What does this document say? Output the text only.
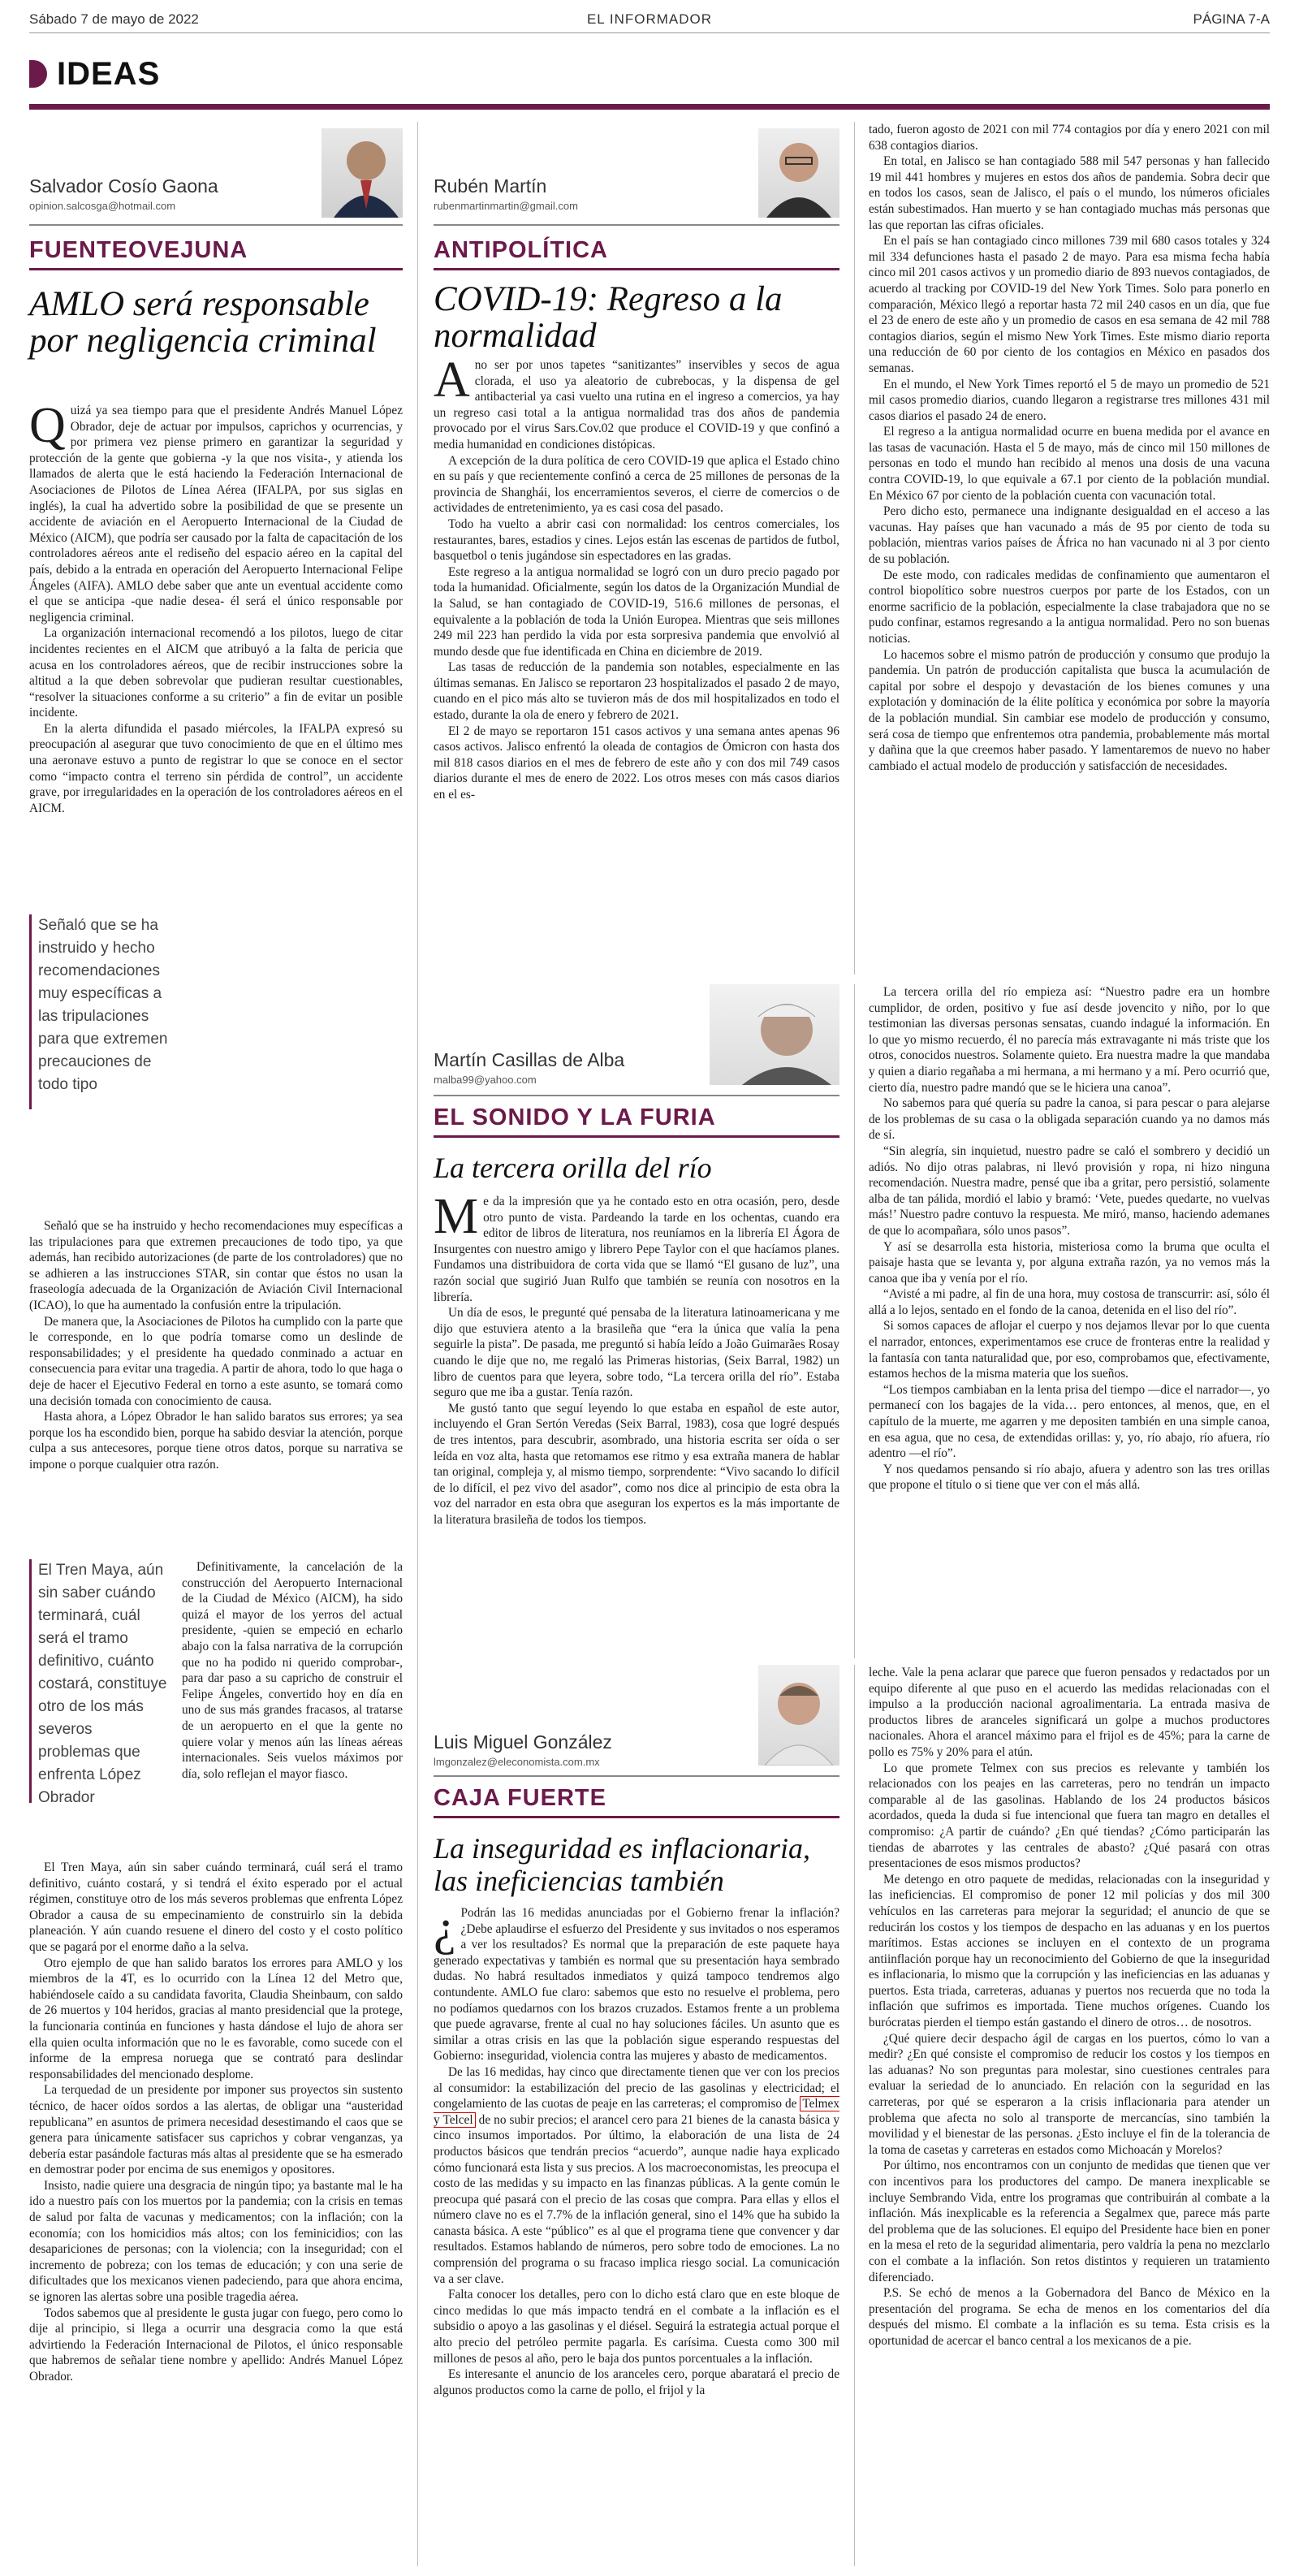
Sábado 7 de mayo de 2022	EL INFORMADOR	PÁGINA 7-A
IDEAS
Salvador Cosío Gaona
opinion.salcosga@hotmail.com
FUENTEOVEJUNA
AMLO será responsable por negligencia criminal
Q uizá ya sea tiempo para que el presidente Andrés Manuel López Obrador, deje de actuar por impulsos, caprichos y ocurrencias, y por primera vez piense primero en garantizar la seguridad y protección de la gente que gobierna -y la que nos visita-, y atienda los llamados de alerta que le está haciendo la Federación Internacional de Asociaciones de Pilotos de Línea Aérea (IFALPA, por sus siglas en inglés), la cual ha advertido sobre la posibilidad de que se presente un accidente de aviación en el Aeropuerto Internacional de la Ciudad de México (AICM), que podría ser causado por la falta de capacitación de los controladores aéreos ante el rediseño del espacio aéreo en la capital del país, debido a la entrada en operación del Aeropuerto Internacional Felipe Ángeles (AIFA). AMLO debe saber que ante un eventual accidente como el que se anticipa -que nadie desea- él será el único responsable por negligencia criminal.

La organización internacional recomendó a los pilotos, luego de citar incidentes recientes en el AICM que atribuyó a la falta de pericia que acusa en los controladores aéreos, que de recibir instrucciones sobre la altitud a la que deben sobrevolar que pudieran resultar cuestionables, “resolver la situaciones conforme a su criterio” a fin de evitar un posible incidente.

En la alerta difundida el pasado miércoles, la IFALPA expresó su preocupación al asegurar que tuvo conocimiento de que en el último mes una aeronave estuvo a punto de registrar lo que se conoce en el sector como “impacto contra el terreno sin pérdida de control”, un accidente grave, por irregularidades en la operación de los controladores aéreos en el AICM.

Señaló que se ha instruido y hecho recomendaciones muy específicas a las tripulaciones para que extremen precauciones de todo tipo

Señaló que se ha instruido y hecho recomendaciones muy específicas a las tripulaciones para que extremen precauciones de todo tipo, ya que además, han recibido autorizaciones (de parte de los controladores) que no se adhieren a las instrucciones STAR, sin contar que éstos no usan la fraseología adecuada de la Organización de Aviación Civil Internacional (ICAO), lo que ha aumentado la confusión entre la tripulación.

De manera que, la Asociaciones de Pilotos ha cumplido con la parte que le corresponde, en lo que podría tomarse como un deslinde de responsabilidades; y el presidente ha quedado conminado a actuar en consecuencia para evitar una tragedia. A partir de ahora, todo lo que haga o deje de hacer el Ejecutivo Federal en torno a este asunto, se tomará como una decisión tomada con conocimiento de causa.

Hasta ahora, a López Obrador le han salido baratos sus errores; ya sea porque los ha escondido bien, porque ha sabido desviar la atención, porque culpa a sus antecesores, porque tiene otros datos, porque su narrativa se impone o porque cualquier otra razón.

El Tren Maya, aún sin saber cuándo terminará, cuál será el tramo definitivo, cuánto costará, constituye otro de los más severos problemas que enfrenta López Obrador

Definitivamente, la cancelación de la construcción del Aeropuerto Internacional de la Ciudad de México (AICM), ha sido quizá el mayor de los yerros del actual presidente, -quien se empeció en echarlo abajo con la falsa narrativa de la corrupción que no ha podido ni querido comprobar-, para dar paso a su capricho de construir el Felipe Ángeles, convertido hoy en día en uno de sus más grandes fracasos, al tratarse de un aeropuerto en el que la gente no quiere volar y menos aún las líneas aéreas internacionales. Seis vuelos máximos por día, solo reflejan el mayor fiasco.

El Tren Maya, aún sin saber cuándo terminará, cuál será el tramo definitivo, cuánto costará, y si tendrá el éxito esperado por el actual régimen, constituye otro de los más severos problemas que enfrenta López Obrador a causa de su empecinamiento de construirlo sin la debida planeación. Y aún cuando resuene el dinero del costo y el costo político que se pagará por el enorme daño a la selva.

Otro ejemplo de que han salido baratos los errores para AMLO y los miembros de la 4T, es lo ocurrido con la Línea 12 del Metro que, habiéndosele caído a su candidata favorita, Claudia Sheinbaum, con saldo de 26 muertos y 104 heridos, gracias al manto presidencial que la protege, la funcionaria continúa en funciones y hasta dándose el lujo de ahora ser ella quien oculta información que no le es favorable, como sucede con el informe de la empresa noruega que se contrató para deslindar responsabilidades del mencionado desplome.

La terquedad de un presidente por imponer sus proyectos sin sustento técnico, de hacer oídos sordos a las alertas, de obligar una “austeridad republicana” en asuntos de primera necesidad desestimando el caos que se genera para únicamente satisfacer sus caprichos y cobrar venganzas, ya debería estar pasándole facturas más altas al presidente que se ha esmerado en demostrar poder por encima de sus enemigos y opositores.

Insisto, nadie quiere una desgracia de ningún tipo; ya bastante mal le ha ido a nuestro país con los muertos por la pandemia; con la crisis en temas de salud por falta de vacunas y medicamentos; con la inflación; con la economía; con los homicidios más altos; con los feminicidios; con las desapariciones de personas; con la violencia; con la inseguridad; con el incremento de pobreza; con los temas de educación; y con una serie de dificultades que los mexicanos vienen padeciendo, para que ahora encima, se ignoren las alertas sobre una posible tragedia aérea.

Todos sabemos que al presidente le gusta jugar con fuego, pero como lo dije al principio, si llega a ocurrir una desgracia como la que está advirtiendo la Federación Internacional de Pilotos, el único responsable que habremos de señalar tiene nombre y apellido: Andrés Manuel López Obrador.

Rubén Martín
rubenmartinmartin@gmail.com
ANTIPOLÍTICA
COVID-19: Regreso a la normalidad
A no ser por unos tapetes “sanitizantes” inservibles y secos de agua clorada, el uso ya aleatorio de cubrebocas, y la dispensa de gel antibacterial ya casi vuelto una rutina en el ingreso a comercios, ya hay un regreso casi total a la antigua normalidad tras dos años de pandemia provocado por el virus Sars.Cov.02 que produce el COVID-19 y que confinó a media humanidad en condiciones distópicas.

A excepción de la dura política de cero COVID-19 que aplica el Estado chino en su país y que recientemente confinó a cerca de 25 millones de personas de la provincia de Shanghái, los encerramientos severos, el cierre de comercios o de actividades de entretenimiento, ya es casi cosa del pasado.

Todo ha vuelto a abrir casi con normalidad: los centros comerciales, los restaurantes, bares, estadios y cines. Lejos están las escenas de partidos de futbol, basquetbol o tenis jugándose sin espectadores en las gradas.

Este regreso a la antigua normalidad se logró con un duro precio pagado por toda la humanidad. Oficialmente, según los datos de la Organización Mundial de la Salud, se han contagiado de COVID-19, 516.6 millones de personas, el equivalente a la población de toda la Unión Europea. Mientras que seis millones 249 mil 223 han perdido la vida por esta sorpresiva pandemia que envolvió al mundo desde que fue identificada en China en diciembre de 2019.

Las tasas de reducción de la pandemia son notables, especialmente en las últimas semanas. En Jalisco se reportaron 23 hospitalizados el pasado 2 de mayo, cuando en el pico más alto se tuvieron más de dos mil hospitalizados en todo el estado, durante la ola de enero y febrero de 2021.

El 2 de mayo se reportaron 151 casos activos y una semana antes apenas 96 casos activos. Jalisco enfrentó la oleada de contagios de Ómicron con hasta dos mil 818 casos diarios en el mes de febrero de este año y con dos mil 749 casos diarios durante el mes de enero de 2022. Los otros meses con más casos diarios en el es-

tado, fueron agosto de 2021 con mil 774 contagios por día y enero 2021 con mil 638 contagios diarios.

En total, en Jalisco se han contagiado 588 mil 547 personas y han fallecido 19 mil 441 hombres y mujeres en estos dos años de pandemia. Sobra decir que en todos los casos, sean de Jalisco, el país o el mundo, los números oficiales están subestimados. Han muerto y se han contagiado muchas más personas que las que reportan las cifras oficiales.

En el país se han contagiado cinco millones 739 mil 680 casos totales y 324 mil 334 defunciones hasta el pasado 2 de mayo. Para esa misma fecha había cinco mil 201 casos activos y un promedio diario de 893 nuevos contagiados, de acuerdo al tracking por COVID-19 del New York Times. Solo para ponerlo en comparación, México llegó a reportar hasta 72 mil 240 casos en un día, que fue el 23 de enero de este año y un promedio de casos en esa semana de 42 mil 788 contagios diarios, según el mismo New York Times. Este mismo diario reporta una reducción de 60 por ciento de los contagios en México en pasados dos semanas.

En el mundo, el New York Times reportó el 5 de mayo un promedio de 521 mil casos promedio diarios, cuando llegaron a registrarse tres millones 431 mil casos diarios el pasado 24 de enero.

El regreso a la antigua normalidad ocurre en buena medida por el avance en las tasas de vacunación. Hasta el 5 de mayo, más de cinco mil 150 millones de personas en todo el mundo han recibido al menos una dosis de una vacuna contra COVID-19, lo que equivale a 67.1 por ciento de la población mundial. En México 67 por ciento de la población cuenta con vacunación total.

Pero dicho esto, permanece una indignante desigualdad en el acceso a las vacunas. Hay países que han vacunado a más de 95 por ciento de toda su población, mientras varios países de África no han vacunado ni al 3 por ciento de su población.

De este modo, con radicales medidas de confinamiento que aumentaron el control biopolítico sobre nuestros cuerpos por parte de los Estados, con un enorme sacrificio de la población, especialmente la clase trabajadora que no se pudo confinar, estamos regresando a la antigua normalidad. Pero no son buenas noticias.

Lo hacemos sobre el mismo patrón de producción y consumo que produjo la pandemia. Un patrón de producción capitalista que busca la acumulación de capital por sobre el despojo y devastación de los bienes comunes y una explotación y dominación de la élite política y económica por sobre la mayoría de la población mundial. Sin cambiar ese modelo de producción y consumo, será cosa de tiempo que enfrentemos otra pandemia, probablemente más mortal y dañina que la que creemos haber pasado. Y lamentaremos de nuevo no haber cambiado el actual modelo de producción y satisfacción de necesidades.

Martín Casillas de Alba
malba99@yahoo.com
EL SONIDO Y LA FURIA
La tercera orilla del río
M e da la impresión que ya he contado esto en otra ocasión, pero, desde otro punto de vista. Pardeando la tarde en los ochentas, cuando era editor de libros de literatura, nos reuníamos en la librería El Ágora de Insurgentes con nuestro amigo y librero Pepe Taylor con el que hacíamos planes. Fundamos una distribuidora de corta vida que se llamó “El gusano de luz”, una razón social que sugirió Juan Rulfo que también se reunía con nosotros en la librería.

Un día de esos, le pregunté qué pensaba de la literatura latinoamericana y me dijo que estuviera atento a la brasileña que “era la única que valía la pena seguirle la pista”. De pasada, me preguntó si había leído a João Guimarães Rosay cuando le dije que no, me regaló las Primeras historias, (Seix Barral, 1982) un libro de cuentos para que leyera, sobre todo, “La tercera orilla del río”. Estaba seguro que me iba a gustar. Tenía razón.

Me gustó tanto que seguí leyendo lo que estaba en español de este autor, incluyendo el Gran Sertón Veredas (Seix Barral, 1983), cosa que logré después de tres intentos, para descubrir, asombrado, una historia escrita ser oída o ser leída en voz alta, hasta que retomamos ese ritmo y esa extraña manera de hablar tan original, compleja y, al mismo tiempo, sorprendente: “Vivo sacando lo difícil de lo difícil, el pez vivo del asador”, como nos dice al principio de esta obra la voz del narrador en esta obra que aseguran los expertos es la más importante de la literatura brasileña de todos los tiempos.

La tercera orilla del río empieza así: “Nuestro padre era un hombre cumplidor, de orden, positivo y fue así desde jovencito y niño, por lo que testimonian las diversas personas sensatas, cuando indagué la información. En lo que yo mismo recuerdo, él no parecía más extravagante ni más triste que los otros, conocidos nuestros. Solamente quieto. Era nuestra madre la que mandaba y quien a diario regañaba a mi hermana, a mi hermano y a mí. Pero ocurrió que, cierto día, nuestro padre mandó que se le hiciera una canoa”.

No sabemos para qué quería su padre la canoa, si para pescar o para alejarse de los problemas de su casa o la obligada separación cuando ya no damos más de sí.

“Sin alegría, sin inquietud, nuestro padre se caló el sombrero y decidió un adiós. No dijo otras palabras, ni llevó provisión y ropa, ni hizo ninguna recomendación. Nuestra madre, pensé que iba a gritar, pero persistió, solamente alba de tan pálida, mordió el labio y bramó: ‘Vete, puedes quedarte, no vuelvas más!’ Nuestro padre contuvo la respuesta. Me miró, manso, haciendo ademanes de que lo acompañara, sólo unos pasos”.

Y así se desarrolla esta historia, misteriosa como la bruma que oculta el paisaje hasta que se levanta y, por alguna extraña razón, ya no vemos más la canoa que iba y venía por el río.

“Avisté a mi padre, al fin de una hora, muy costosa de transcurrir: así, sólo él allá a lo lejos, sentado en el fondo de la canoa, detenida en el liso del río”.

Si somos capaces de aflojar el cuerpo y nos dejamos llevar por lo que cuenta el narrador, entonces, experimentamos ese cruce de fronteras entre la realidad y la fantasía con tanta naturalidad que, por eso, comprobamos que, efectivamente, estamos hechos de la misma materia que los sueños.

“Los tiempos cambiaban en la lenta prisa del tiempo —dice el narrador—, yo permanecí con los bagajes de la vida… pero entonces, al menos, que, en el capítulo de la muerte, me agarren y me depositen también en una simple canoa, en esa agua, que no cesa, de extendidas orillas: y, yo, río abajo, río afuera, río adentro —el río”.

Y nos quedamos pensando si río abajo, afuera y adentro son las tres orillas que propone el título o si tiene que ver con el más allá.

Luis Miguel González
lmgonzalez@eleconomista.com.mx
CAJA FUERTE
La inseguridad es inflacionaria, las ineficiencias también
¿ Podrán las 16 medidas anunciadas por el Gobierno frenar la inflación? ¿Debe aplaudirse el esfuerzo del Presidente y sus invitados o nos esperamos a ver los resultados? Es normal que la preparación de este paquete haya generado expectativas y también es normal que su presentación haya sembrado dudas. No habrá resultados inmediatos y quizá tampoco tendremos algo contundente. AMLO fue claro: sabemos que esto no resuelve el problema, pero no podíamos quedarnos con los brazos cruzados. Estamos frente a un problema que puede agravarse, frente al cual no hay soluciones fáciles. Un asunto que es similar a otras crisis en las que la población sigue esperando respuestas del Gobierno: inseguridad, violencia contra las mujeres y abasto de medicamentos.

De las 16 medidas, hay cinco que directamente tienen que ver con los precios al consumidor: la estabilización del precio de las gasolinas y electricidad; el congelamiento de las cuotas de peaje en las carreteras; el compromiso de Telmex y Telcel de no subir precios; el arancel cero para 21 bienes de la canasta básica y cinco insumos importados. Por último, la elaboración de una lista de 24 productos básicos que tendrán precios “acuerdo”, aunque nadie haya explicado cómo funcionará esta lista y sus precios. A los macroeconomistas, les preocupa el costo de las medidas y su impacto en las finanzas públicas. A la gente común le preocupa qué pasará con el precio de las cosas que compra. Para ellas y ellos el número clave no es el 7.7% de la inflación general, sino el 14% que ha subido la canasta básica. A este “público” es al que el programa tiene que convencer y dar resultados. Estamos hablando de números, pero sobre todo de emociones. La no comprensión del programa o su fracaso implica riesgo social. La comunicación va a ser clave.

Falta conocer los detalles, pero con lo dicho está claro que en este bloque de cinco medidas lo que más impacto tendrá en el combate a la inflación es el subsidio o apoyo a las gasolinas y el diésel. Seguirá la estrategia actual porque el alto precio del petróleo permite pagarla. Es carísima. Cuesta como 300 mil millones de pesos al año, pero le baja dos puntos porcentuales a la inflación.

Es interesante el anuncio de los aranceles cero, porque abaratará el precio de algunos productos como la carne de pollo, el frijol y la

leche. Vale la pena aclarar que parece que fueron pensados y redactados por un equipo diferente al que puso en el acuerdo las medidas relacionadas con el impulso a la producción nacional agroalimentaria. La entrada masiva de productos libres de aranceles significará un golpe a muchos productores nacionales. Ahora el arancel máximo para el frijol es de 45%; para la carne de pollo es 75% y 20% para el atún.

Lo que promete Telmex con sus precios es relevante y también los relacionados con los peajes en las carreteras, pero no tendrán un impacto comparable al de las gasolinas. Hablando de los 24 productos básicos acordados, queda la duda si fue intencional que fuera tan magro en detalles el compromiso: ¿A partir de cuándo? ¿En qué tiendas? ¿Cómo participarán las tiendas de abarrotes y las centrales de abasto? ¿Qué pasará con otras presentaciones de esos mismos productos?

Me detengo en otro paquete de medidas, relacionadas con la inseguridad y las ineficiencias. El compromiso de poner 12 mil policías y dos mil 300 vehículos en las carreteras para mejorar la seguridad; el anuncio de que se reducirán los costos y los tiempos de despacho en las aduanas y en los puertos marítimos. Estas acciones se incluyen en el contexto de un programa antiinflación porque hay un reconocimiento del Gobierno de que la inseguridad es inflacionaria, lo mismo que la corrupción y las ineficiencias en las aduanas y puertos. Esta triada, carreteras, aduanas y puertos nos recuerda que no toda la inflación que sufrimos es importada. Tiene muchos orígenes. Cuando los burócratas pierden el tiempo están gastando el dinero de otros… de nosotros.

¿Qué quiere decir despacho ágil de cargas en los puertos, cómo lo van a medir? ¿En qué consiste el compromiso de reducir los costos y los tiempos en las aduanas? No son preguntas para molestar, sino cuestiones centrales para evaluar la seriedad de lo anunciado. En relación con la seguridad en las carreteras, por qué se esperaron a la crisis inflacionaria para atender un problema que afecta no solo al transporte de mercancías, sino también la movilidad y el bienestar de las personas. ¿Esto incluye el fin de la tolerancia de la toma de casetas y carreteras en estados como Michoacán y Morelos?

Por último, nos encontramos con un conjunto de medidas que tienen que ver con incentivos para los productores del campo. De manera inexplicable se incluye Sembrando Vida, entre los programas que contribuirán al combate a la inflación. Más inexplicable es la referencia a Segalmex que, parece más parte del problema que de las soluciones. El equipo del Presidente hace bien en poner en la mesa el reto de la seguridad alimentaria, pero valdría la pena no mezclarlo con el combate a la inflación. Son retos distintos y requieren un tratamiento diferenciado.

P.S. Se echó de menos a la Gobernadora del Banco de México en la presentación del programa. Se echa de menos en los comentarios del día después del mismo. El combate a la inflación es su tema. Esta crisis es la oportunidad de acercar el banco central a los mexicanos de a pie.
